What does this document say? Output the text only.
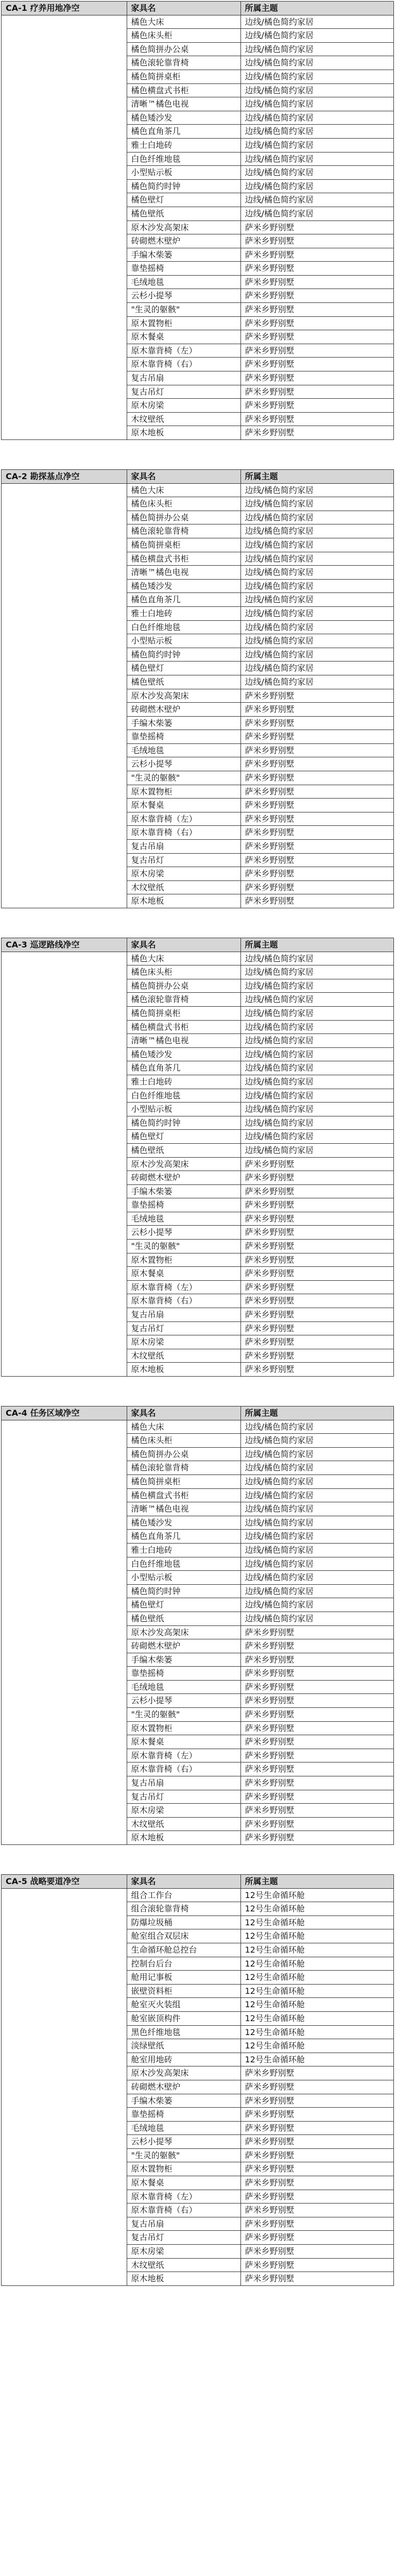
CA-1 疗养用地净空	家具名	所属主题
	橘色大床	边线/橘色简约家居
	橘色床头柜	边线/橘色简约家居
	橘色简拼办公桌	边线/橘色简约家居
	橘色滚轮靠背椅	边线/橘色简约家居
	橘色简拼桌柜	边线/橘色简约家居
	橘色横盘式书柜	边线/橘色简约家居
	清晰™橘色电视	边线/橘色简约家居
	橘色矮沙发	边线/橘色简约家居
	橘色直角茶几	边线/橘色简约家居
	雅士白地砖	边线/橘色简约家居
	白色纤维地毯	边线/橘色简约家居
	小型贴示板	边线/橘色简约家居
	橘色简约时钟	边线/橘色简约家居
	橘色壁灯	边线/橘色简约家居
	橘色壁纸	边线/橘色简约家居
	原木沙发高架床	萨米乡野别墅
	砖砌燃木壁炉	萨米乡野别墅
	手编木柴篓	萨米乡野别墅
	靠垫摇椅	萨米乡野别墅
	毛绒地毯	萨米乡野别墅
	云杉小提琴	萨米乡野别墅
	"生灵的躯骸"	萨米乡野别墅
	原木置物柜	萨米乡野别墅
	原木餐桌	萨米乡野别墅
	原木靠背椅（左）	萨米乡野别墅
	原木靠背椅（右）	萨米乡野别墅
	复古吊扇	萨米乡野别墅
	复古吊灯	萨米乡野别墅
	原木房梁	萨米乡野别墅
	木纹壁纸	萨米乡野别墅
	原木地板	萨米乡野别墅
CA-2 勘探基点净空	家具名	所属主题
	橘色大床	边线/橘色简约家居
	橘色床头柜	边线/橘色简约家居
	橘色简拼办公桌	边线/橘色简约家居
	橘色滚轮靠背椅	边线/橘色简约家居
	橘色简拼桌柜	边线/橘色简约家居
	橘色横盘式书柜	边线/橘色简约家居
	清晰™橘色电视	边线/橘色简约家居
	橘色矮沙发	边线/橘色简约家居
	橘色直角茶几	边线/橘色简约家居
	雅士白地砖	边线/橘色简约家居
	白色纤维地毯	边线/橘色简约家居
	小型贴示板	边线/橘色简约家居
	橘色简约时钟	边线/橘色简约家居
	橘色壁灯	边线/橘色简约家居
	橘色壁纸	边线/橘色简约家居
	原木沙发高架床	萨米乡野别墅
	砖砌燃木壁炉	萨米乡野别墅
	手编木柴篓	萨米乡野别墅
	靠垫摇椅	萨米乡野别墅
	毛绒地毯	萨米乡野别墅
	云杉小提琴	萨米乡野别墅
	"生灵的躯骸"	萨米乡野别墅
	原木置物柜	萨米乡野别墅
	原木餐桌	萨米乡野别墅
	原木靠背椅（左）	萨米乡野别墅
	原木靠背椅（右）	萨米乡野别墅
	复古吊扇	萨米乡野别墅
	复古吊灯	萨米乡野别墅
	原木房梁	萨米乡野别墅
	木纹壁纸	萨米乡野别墅
	原木地板	萨米乡野别墅
CA-3 巡逻路线净空	家具名	所属主题
	橘色大床	边线/橘色简约家居
	橘色床头柜	边线/橘色简约家居
	橘色简拼办公桌	边线/橘色简约家居
	橘色滚轮靠背椅	边线/橘色简约家居
	橘色简拼桌柜	边线/橘色简约家居
	橘色横盘式书柜	边线/橘色简约家居
	清晰™橘色电视	边线/橘色简约家居
	橘色矮沙发	边线/橘色简约家居
	橘色直角茶几	边线/橘色简约家居
	雅士白地砖	边线/橘色简约家居
	白色纤维地毯	边线/橘色简约家居
	小型贴示板	边线/橘色简约家居
	橘色简约时钟	边线/橘色简约家居
	橘色壁灯	边线/橘色简约家居
	橘色壁纸	边线/橘色简约家居
	原木沙发高架床	萨米乡野别墅
	砖砌燃木壁炉	萨米乡野别墅
	手编木柴篓	萨米乡野别墅
	靠垫摇椅	萨米乡野别墅
	毛绒地毯	萨米乡野别墅
	云杉小提琴	萨米乡野别墅
	"生灵的躯骸"	萨米乡野别墅
	原木置物柜	萨米乡野别墅
	原木餐桌	萨米乡野别墅
	原木靠背椅（左）	萨米乡野别墅
	原木靠背椅（右）	萨米乡野别墅
	复古吊扇	萨米乡野别墅
	复古吊灯	萨米乡野别墅
	原木房梁	萨米乡野别墅
	木纹壁纸	萨米乡野别墅
	原木地板	萨米乡野别墅
CA-4 任务区域净空	家具名	所属主题
	橘色大床	边线/橘色简约家居
	橘色床头柜	边线/橘色简约家居
	橘色简拼办公桌	边线/橘色简约家居
	橘色滚轮靠背椅	边线/橘色简约家居
	橘色简拼桌柜	边线/橘色简约家居
	橘色横盘式书柜	边线/橘色简约家居
	清晰™橘色电视	边线/橘色简约家居
	橘色矮沙发	边线/橘色简约家居
	橘色直角茶几	边线/橘色简约家居
	雅士白地砖	边线/橘色简约家居
	白色纤维地毯	边线/橘色简约家居
	小型贴示板	边线/橘色简约家居
	橘色简约时钟	边线/橘色简约家居
	橘色壁灯	边线/橘色简约家居
	橘色壁纸	边线/橘色简约家居
	原木沙发高架床	萨米乡野别墅
	砖砌燃木壁炉	萨米乡野别墅
	手编木柴篓	萨米乡野别墅
	靠垫摇椅	萨米乡野别墅
	毛绒地毯	萨米乡野别墅
	云杉小提琴	萨米乡野别墅
	"生灵的躯骸"	萨米乡野别墅
	原木置物柜	萨米乡野别墅
	原木餐桌	萨米乡野别墅
	原木靠背椅（左）	萨米乡野别墅
	原木靠背椅（右）	萨米乡野别墅
	复古吊扇	萨米乡野别墅
	复古吊灯	萨米乡野别墅
	原木房梁	萨米乡野别墅
	木纹壁纸	萨米乡野别墅
	原木地板	萨米乡野别墅
CA-5 战略要道净空	家具名	所属主题
	组合工作台	12号生命循环舱
	组合滚轮靠背椅	12号生命循环舱
	防爆垃圾桶	12号生命循环舱
	舱室组合双层床	12号生命循环舱
	生命循环舱总控台	12号生命循环舱
	控制台后台	12号生命循环舱
	舱用记事板	12号生命循环舱
	嵌壁资料柜	12号生命循环舱
	舱室灭火装组	12号生命循环舱
	舱室嵌顶构件	12号生命循环舱
	黑色纤维地毯	12号生命循环舱
	淡绿壁纸	12号生命循环舱
	舱室用地砖	12号生命循环舱
	原木沙发高架床	萨米乡野别墅
	砖砌燃木壁炉	萨米乡野别墅
	手编木柴篓	萨米乡野别墅
	靠垫摇椅	萨米乡野别墅
	毛绒地毯	萨米乡野别墅
	云杉小提琴	萨米乡野别墅
	"生灵的躯骸"	萨米乡野别墅
	原木置物柜	萨米乡野别墅
	原木餐桌	萨米乡野别墅
	原木靠背椅（左）	萨米乡野别墅
	原木靠背椅（右）	萨米乡野别墅
	复古吊扇	萨米乡野别墅
	复古吊灯	萨米乡野别墅
	原木房梁	萨米乡野别墅
	木纹壁纸	萨米乡野别墅
	原木地板	萨米乡野别墅
